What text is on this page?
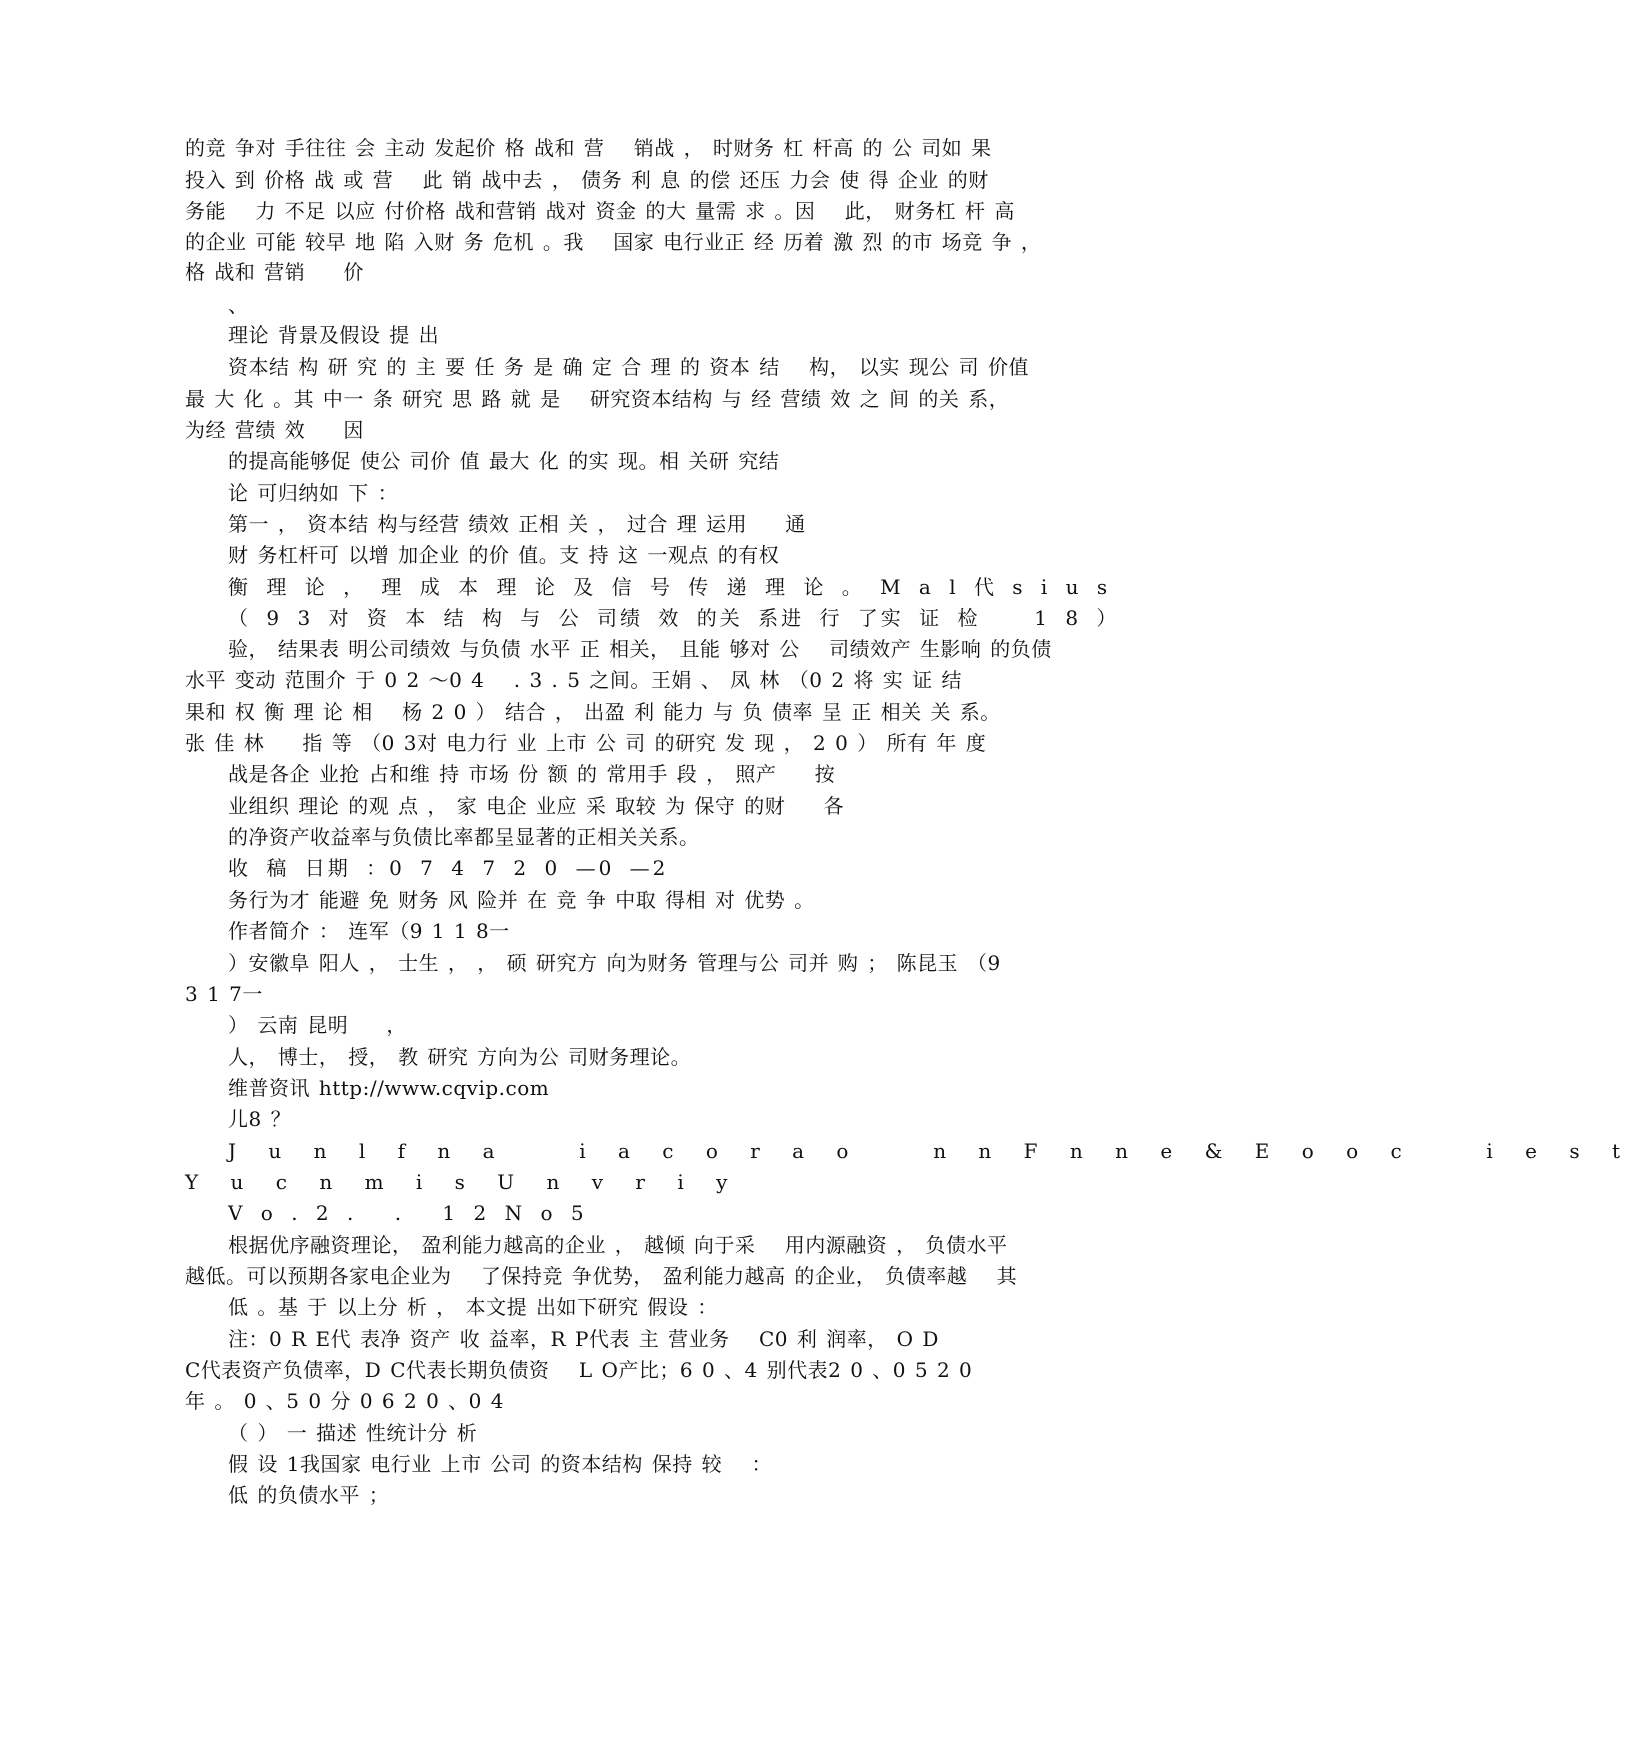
的竞 争对 手往往 会 主动 发起价 格 战和 营 　销战 ， 时财务 杠 杆高 的 公 司如 果
投入 到 价格 战 或 营 　此 销 战中去 ， 债务 利 息 的偿 还压 力会 使 得 企业 的财
务能 　力 不足 以应 付价格 战和营销 战对 资金 的大 量需 求 。因 　此， 财务杠 杆 高
的企业 可能 较早 地 陷 入财 务 危机 。我 　国家 电行业正 经 历着 激 烈 的市 场竞 争 ，
格 战和 营销 　 价
、
理论 背景及假设 提 出
资本结 构 研 究 的 主 要 任 务 是 确 定 合 理 的 资本 结 　构， 以实 现公 司 价值
最 大 化 。其 中一 条 研究 思 路 就 是 　研究资本结构 与 经 营绩 效 之 间 的关 系，
为经 营绩 效 　 因
的提高能够促 使公 司价 值 最大 化 的实 现。相 关研 究结
论 可归纳如 下 ：
第一 ， 资本结 构与经营 绩效 正相 关 ， 过合 理 运用 　 通
财 务杠杆可 以增 加企业 的价 值。支 持 这 一观点 的有权
衡 理 论 ， 理 成 本 理 论 及 信 号 传 递 理 论 。 M a l 代 s i u s
（ 9 3 对 资 本 结 构 与 公 司绩 效 的关 系进 行 了实 证 检 　 1 8 ）
验， 结果表 明公司绩效 与负债 水平 正 相关， 且能 够对 公 　司绩效产 生影响 的负债
水平 变动 范围介 于 0 2 ～0 4 　. 3 . 5 之间。王娟 、 凤 林 （0 2 将 实 证 结
果和 权 衡 理 论 相 　杨 2 0 ） 结合 ， 出盈 利 能力 与 负 债率 呈 正 相关 关 系。
张 佳 林 　 指 等 （0 3对 电力行 业 上市 公 司 的研究 发 现 ， 2 0 ） 所有 年 度
战是各企 业抢 占和维 持 市场 份 额 的 常用手 段 ， 照产 　 按
业组织 理论 的观 点 ， 家 电企 业应 采 取较 为 保守 的财 　 各
的净资产收益率与负债比率都呈显著的正相关关系。
收 稿 日期 ：0 7 4 7 2 0 —0 —2
务行为才 能避 免 财务 风 险并 在 竞 争 中取 得相 对 优势 。
作者简介 ： 连军（9 1 1 8一
）安徽阜 阳人 ， 士生 ， ， 硕 研究方 向为财务 管理与公 司并 购 ； 陈昆玉 （9
3 1 7一
） 云南 昆明 　 ，
人， 博士， 授， 教 研究 方向为公 司财务理论。
维普资讯 http://www.cqvip.com
儿8 ？
J u n l f n a 　 i a c o r a o 　 n n F n n e & E o o c 　 i e s t
Y u c n m i s U n v r i y
V o . 2 . 　. 　1 2 N o 5
根据优序融资理论， 盈利能力越高的企业 ， 越倾 向于采 　用内源融资 ， 负债水平
越低。可以预期各家电企业为 　了保持竞 争优势， 盈利能力越高 的企业， 负债率越 　其
低 。基 于 以上分 析 ， 本文提 出如下研究 假设 ：
注：0 R E代 表净 资产 收 益率，R P代表 主 营业务 　C0 利 润率， O D
C代表资产负债率，D C代表长期负债资 　L O产比；6 0 、4 别代表2 0 、0 5 2 0
年 。 0 、5 0 分 0 6 2 0 、0 4
（ ） 一 描述 性统计分 析
假 设 1我国家 电行业 上市 公司 的资本结构 保持 较 　：
低 的负债水平 ；
